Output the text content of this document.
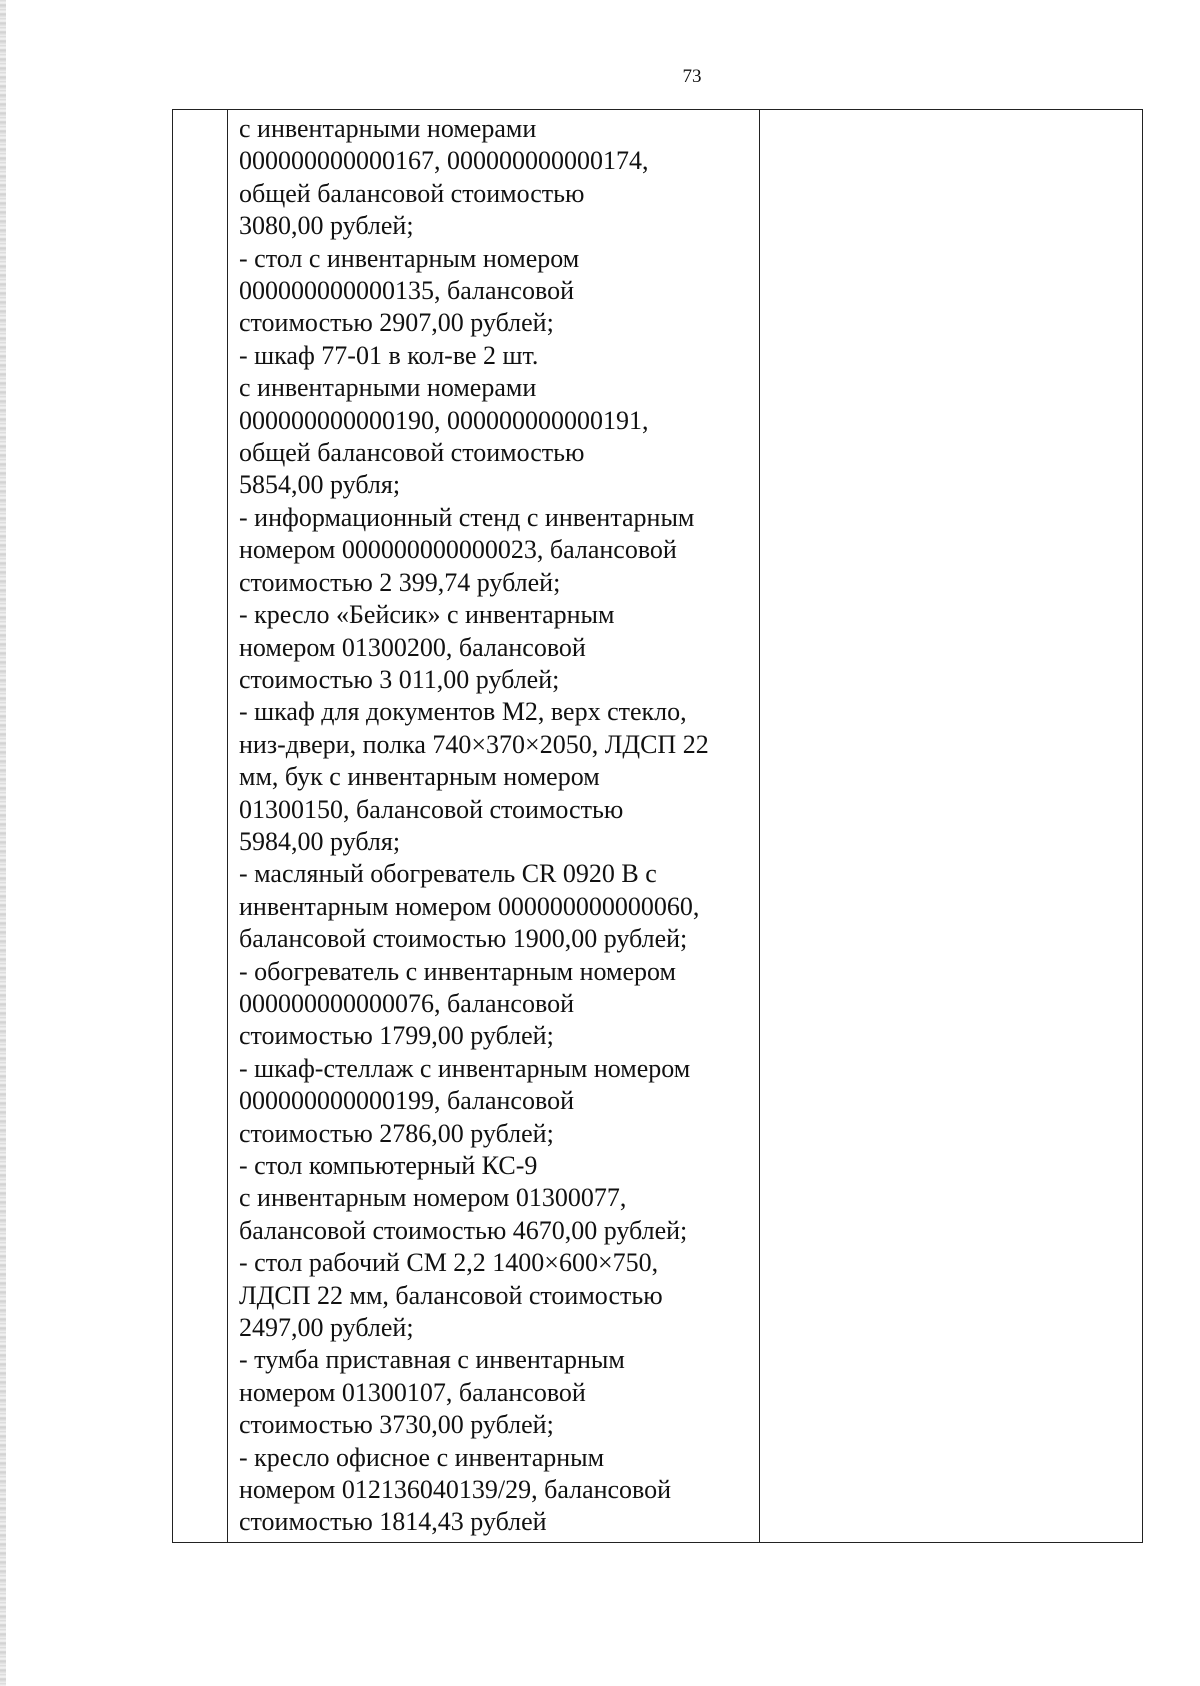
73
с инвентарными номерами
000000000000167, 000000000000174,
общей балансовой стоимостью
3080,00 рублей;
- стол с инвентарным номером
000000000000135, балансовой
стоимостью 2907,00 рублей;
- шкаф 77-01 в кол-ве 2 шт.
с инвентарными номерами
000000000000190, 000000000000191,
общей балансовой стоимостью
5854,00 рубля;
- информационный стенд с инвентарным
номером 000000000000023, балансовой
стоимостью 2 399,74 рублей;
- кресло «Бейсик» с инвентарным
номером 01300200, балансовой
стоимостью 3 011,00 рублей;
- шкаф для документов М2, верх стекло,
низ-двери, полка 740×370×2050, ЛДСП 22
мм, бук с инвентарным номером
01300150, балансовой стоимостью
5984,00 рубля;
- масляный обогреватель CR 0920 B с
инвентарным номером 000000000000060,
балансовой стоимостью 1900,00 рублей;
- обогреватель с инвентарным номером
000000000000076, балансовой
стоимостью 1799,00 рублей;
- шкаф-стеллаж с инвентарным номером
000000000000199, балансовой
стоимостью 2786,00 рублей;
- стол компьютерный КС-9
с инвентарным номером 01300077,
балансовой стоимостью 4670,00 рублей;
- стол рабочий СМ 2,2 1400×600×750,
ЛДСП 22 мм, балансовой стоимостью
2497,00 рублей;
- тумба приставная с инвентарным
номером 01300107, балансовой
стоимостью 3730,00 рублей;
- кресло офисное с инвентарным
номером 012136040139/29, балансовой
стоимостью 1814,43 рублей
